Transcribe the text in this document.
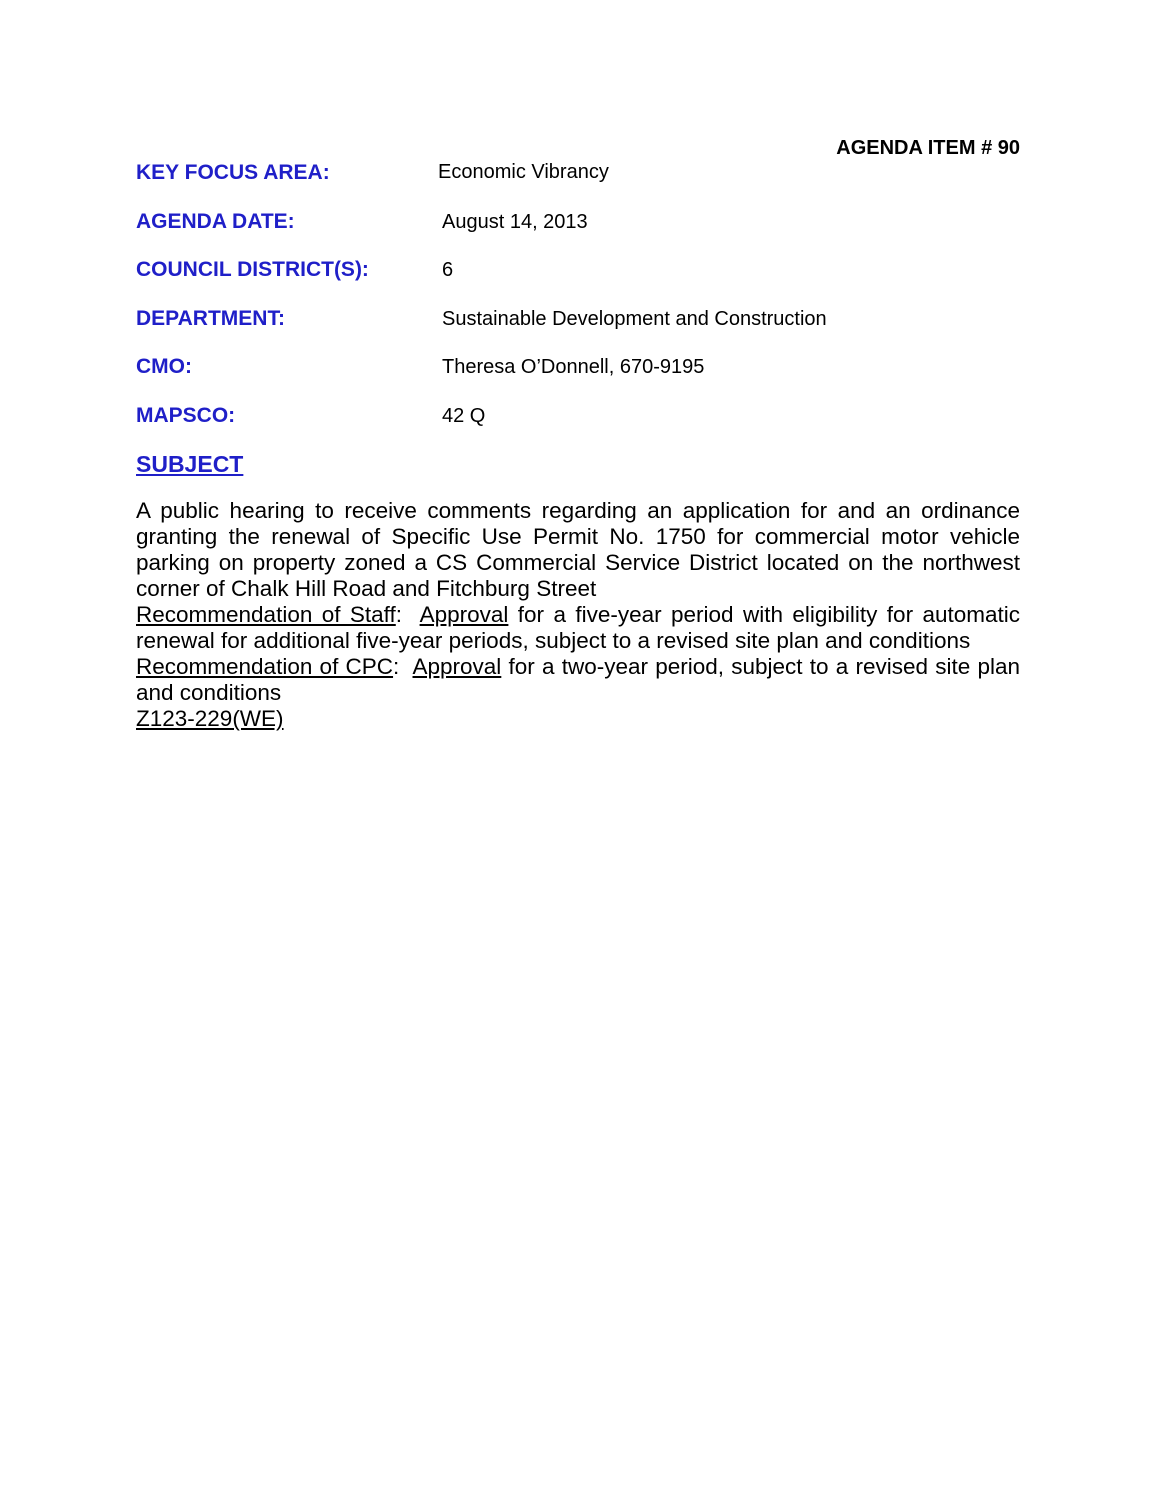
AGENDA ITEM # 90
KEY FOCUS AREA:	Economic Vibrancy
AGENDA DATE:	August 14, 2013
COUNCIL DISTRICT(S):	6
DEPARTMENT:	Sustainable Development and Construction
CMO:	Theresa O’Donnell, 670-9195
MAPSCO:	42 Q
SUBJECT

A public hearing to receive comments regarding an application for and an ordinance granting the renewal of Specific Use Permit No. 1750 for commercial motor vehicle parking on property zoned a CS Commercial Service District located on the northwest corner of Chalk Hill Road and Fitchburg Street

Recommendation of Staff:  Approval for a five-year period with eligibility for automatic renewal for additional five-year periods, subject to a revised site plan and conditions

Recommendation of CPC:  Approval for a two-year period, subject to a revised site plan and conditions

Z123-229(WE)
